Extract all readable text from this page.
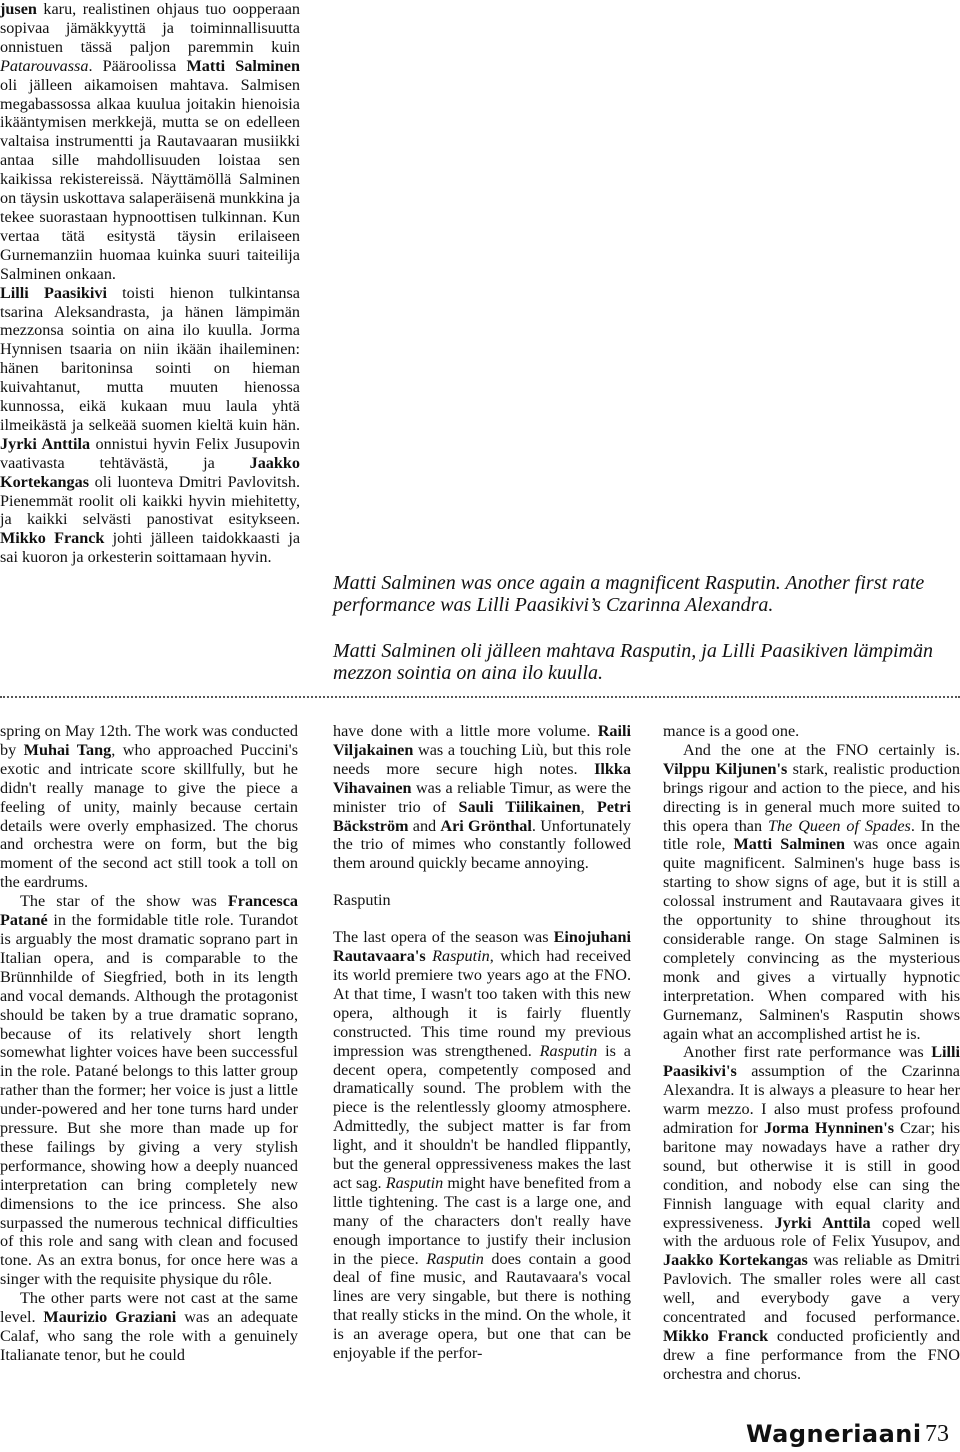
jusen karu, realistinen ohjaus tuo oopperaan sopivaa jämäkkyyttä ja toiminnallisuutta onnistuen tässä paljon paremmin kuin Patarouvassa. Pääroolissa Matti Salminen oli jälleen aikamoisen mahtava. Salmisen megabassossa alkaa kuulua joitakin hienoisia ikääntymisen merkkejä, mutta se on edelleen valtaisa instrumentti ja Rautavaaran musiikki antaa sille mahdollisuuden loistaa sen kaikissa rekistereissä. Näyttämöllä Salminen on täysin uskottava salaperäisenä munkkina ja tekee suorastaan hypnoottisen tulkinnan. Kun vertaa tätä esitystä täysin erilaiseen Gurnemanziin huomaa kuinka suuri taiteilija Salminen onkaan.

Lilli Paasikivi toisti hienon tulkintansa tsarina Aleksandrasta, ja hänen lämpimän mezzonsa sointia on aina ilo kuulla. Jorma Hynnisen tsaaria on niin ikään ihaileminen: hänen baritoninsa sointi on hieman kuivahtanut, mutta muuten hienossa kunnossa, eikä kukaan muu laula yhtä ilmeikästä ja selkeää suomen kieltä kuin hän. Jyrki Anttila onnistui hyvin Felix Jusupovin vaativasta tehtävästä, ja Jaakko Kortekangas oli luonteva Dmitri Pavlovitsh. Pienemmät roolit oli kaikki hyvin miehitetty, ja kaikki selvästi panostivat esitykseen. Mikko Franck johti jälleen taidokkaasti ja sai kuoron ja orkesterin soittamaan hyvin.

Matti Salminen was once again a magnificent Rasputin. Another first rate performance was Lilli Paasikivi’s Czarinna Alexandra.
Matti Salminen oli jälleen mahtava Rasputin, ja Lilli Paasikiven lämpimän mezzon sointia on aina ilo kuulla.

spring on May 12th. The work was conducted by Muhai Tang, who approached Puccini's exotic and intricate score skillfully, but he didn't really manage to give the piece a feeling of unity, mainly because certain details were overly emphasized. The chorus and orchestra were on form, but the big moment of the second act still took a toll on the eardrums.

The star of the show was Francesca Patané in the formidable title role. Turandot is arguably the most dramatic soprano part in Italian opera, and is comparable to the Brünnhilde of Siegfried, both in its length and vocal demands. Although the protagonist should be taken by a true dramatic soprano, because of its relatively short length somewhat lighter voices have been successful in the role. Patané belongs to this latter group rather than the former; her voice is just a little under-powered and her tone turns hard under pressure. But she more than made up for these failings by giving a very stylish performance, showing how a deeply nuanced interpretation can bring completely new dimensions to the ice princess. She also surpassed the numerous technical difficulties of this role and sang with clean and focused tone. As an extra bonus, for once here was a singer with the requisite physique du rôle.

The other parts were not cast at the same level. Maurizio Graziani was an adequate Calaf, who sang the role with a genuinely Italianate tenor, but he could

have done with a little more volume. Raili Viljakainen was a touching Liù, but this role needs more secure high notes. Ilkka Vihavainen was a reliable Timur, as were the minister trio of Sauli Tiilikainen, Petri Bäckström and Ari Grönthal. Unfortunately the trio of mimes who constantly followed them around quickly became annoying.

Rasputin

The last opera of the season was Einojuhani Rautavaara's Rasputin, which had received its world premiere two years ago at the FNO. At that time, I wasn't too taken with this new opera, although it is fairly fluently constructed. This time round my previous impression was strengthened. Rasputin is a decent opera, competently composed and dramatically sound. The problem with the piece is the relentlessly gloomy atmosphere. Admittedly, the subject matter is far from light, and it shouldn't be handled flippantly, but the general oppressiveness makes the last act sag. Rasputin might have benefited from a little tightening. The cast is a large one, and many of the characters don't really have enough importance to justify their inclusion in the piece. Rasputin does contain a good deal of fine music, and Rautavaara's vocal lines are very singable, but there is nothing that really sticks in the mind. On the whole, it is an average opera, but one that can be enjoyable if the perfor-

mance is a good one.

And the one at the FNO certainly is. Vilppu Kiljunen's stark, realistic production brings rigour and action to the piece, and his directing is in general much more suited to this opera than The Queen of Spades. In the title role, Matti Salminen was once again quite magnificent. Salminen's huge bass is starting to show signs of age, but it is still a colossal instrument and Rautavaara gives it the opportunity to shine throughout its considerable range. On stage Salminen is completely convincing as the mysterious monk and gives a virtually hypnotic interpretation. When compared with his Gurnemanz, Salminen's Rasputin shows again what an accomplished artist he is.

Another first rate performance was Lilli Paasikivi's assumption of the Czarinna Alexandra. It is always a pleasure to hear her warm mezzo. I also must profess profound admiration for Jorma Hynninen's Czar; his baritone may nowadays have a rather dry sound, but otherwise it is still in good condition, and nobody else can sing the Finnish language with equal clarity and expressiveness. Jyrki Anttila coped well with the arduous role of Felix Yusupov, and Jaakko Kortekangas was reliable as Dmitri Pavlovich. The smaller roles were all cast well, and everybody gave a very concentrated and focused performance. Mikko Franck conducted proficiently and drew a fine performance from the FNO orchestra and chorus.

Wagneriaani 73
